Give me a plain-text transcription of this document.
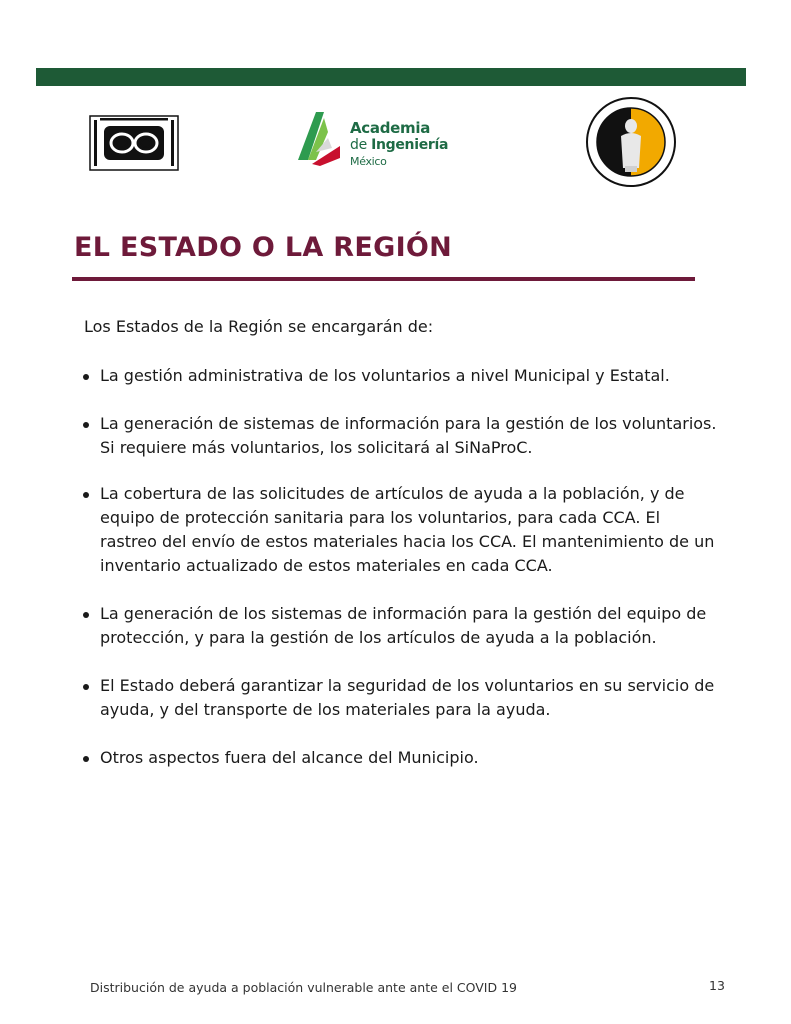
Academia
de Ingeniería México
EL ESTADO O LA REGIÓN

Los Estados de la Región se encargarán de:

La gestión administrativa de los voluntarios a nivel Municipal y Estatal.
La generación de sistemas de información para la gestión de los voluntarios. Si requiere más voluntarios, los solicitará al SiNaProC.
La cobertura de las solicitudes de artículos de ayuda a la población, y de equipo de protección sanitaria para los voluntarios, para cada CCA. El rastreo del envío de estos materiales hacia los CCA. El mantenimiento de un inventario actualizado de estos materiales en cada CCA.
La generación de los sistemas de información para la gestión del equipo de protección, y para la gestión de los artículos de ayuda a la población.
El Estado deberá garantizar la seguridad de los voluntarios en su servicio de ayuda, y del transporte de los materiales para la ayuda.
Otros aspectos fuera del alcance del Municipio.

Distribución de ayuda a población vulnerable ante ante el COVID 19	13
